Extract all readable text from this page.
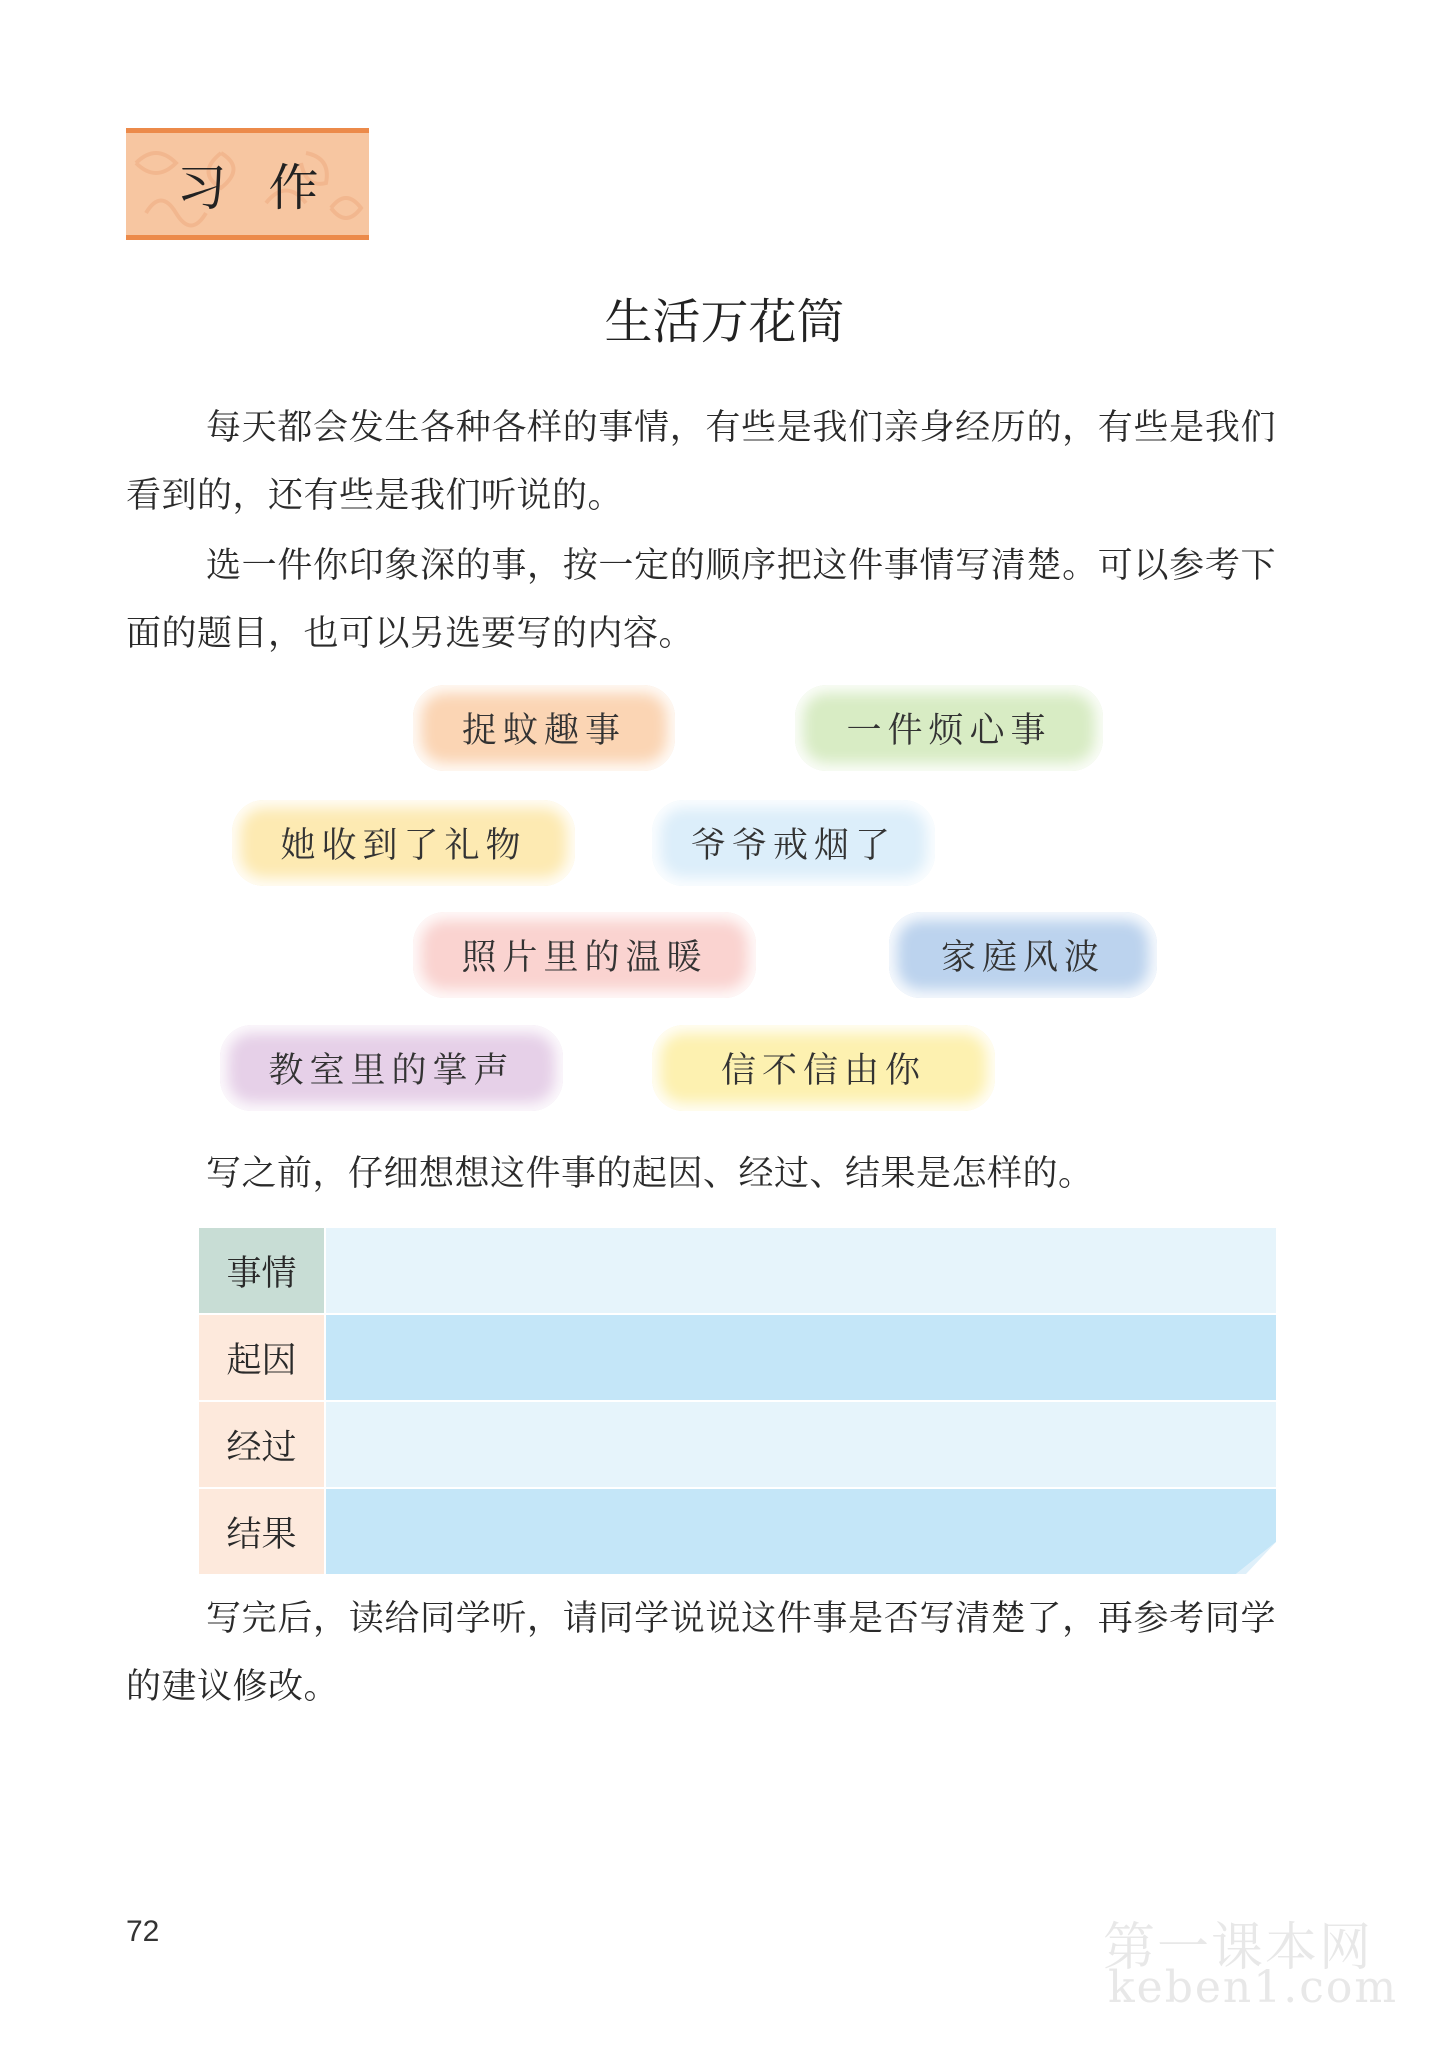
习作
生活万花筒
每天都会发生各种各样的事情，有些是我们亲身经历的，有些是我们看到的，还有些是我们听说的。
选一件你印象深的事，按一定的顺序把这件事情写清楚。可以参考下面的题目，也可以另选要写的内容。
捉蚊趣事	一件烦心事
她收到了礼物	爷爷戒烟了
照片里的温暖	家庭风波
教室里的掌声	信不信由你
写之前，仔细想想这件事的起因、经过、结果是怎样的。
事情
起因
经过
结果
写完后，读给同学听，请同学说说这件事是否写清楚了，再参考同学的建议修改。
72	第一课本网
keben1.com
